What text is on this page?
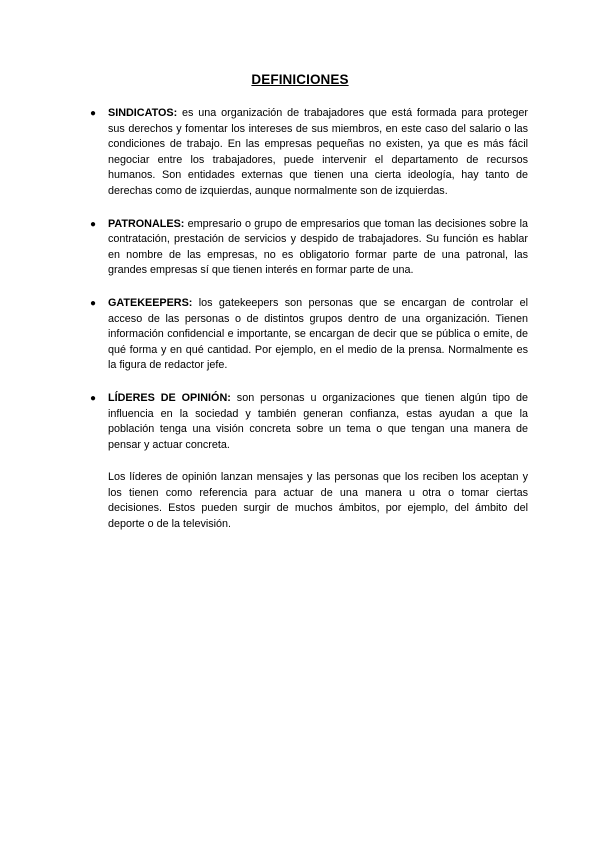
DEFINICIONES
● SINDICATOS: es una organización de trabajadores que está formada para proteger sus derechos y fomentar los intereses de sus miembros, en este caso del salario o las condiciones de trabajo. En las empresas pequeñas no existen, ya que es más fácil negociar entre los trabajadores, puede intervenir el departamento de recursos humanos. Son entidades externas que tienen una cierta ideología, hay tanto de derechas como de izquierdas, aunque normalmente son de izquierdas.
● PATRONALES: empresario o grupo de empresarios que toman las decisiones sobre la contratación, prestación de servicios y despido de trabajadores. Su función es hablar en nombre de las empresas, no es obligatorio formar parte de una patronal, las grandes empresas sí que tienen interés en formar parte de una.
● GATEKEEPERS: los gatekeepers son personas que se encargan de controlar el acceso de las personas o de distintos grupos dentro de una organización. Tienen información confidencial e importante, se encargan de decir que se pública o emite, de qué forma y en qué cantidad. Por ejemplo, en el medio de la prensa. Normalmente es la figura de redactor jefe.
● LÍDERES DE OPINIÓN: son personas u organizaciones que tienen algún tipo de influencia en la sociedad y también generan confianza, estas ayudan a que la población tenga una visión concreta sobre un tema o que tengan una manera de pensar y actuar concreta.

Los líderes de opinión lanzan mensajes y las personas que los reciben los aceptan y los tienen como referencia para actuar de una manera u otra o tomar ciertas decisiones. Estos pueden surgir de muchos ámbitos, por ejemplo, del ámbito del deporte o de la televisión.
